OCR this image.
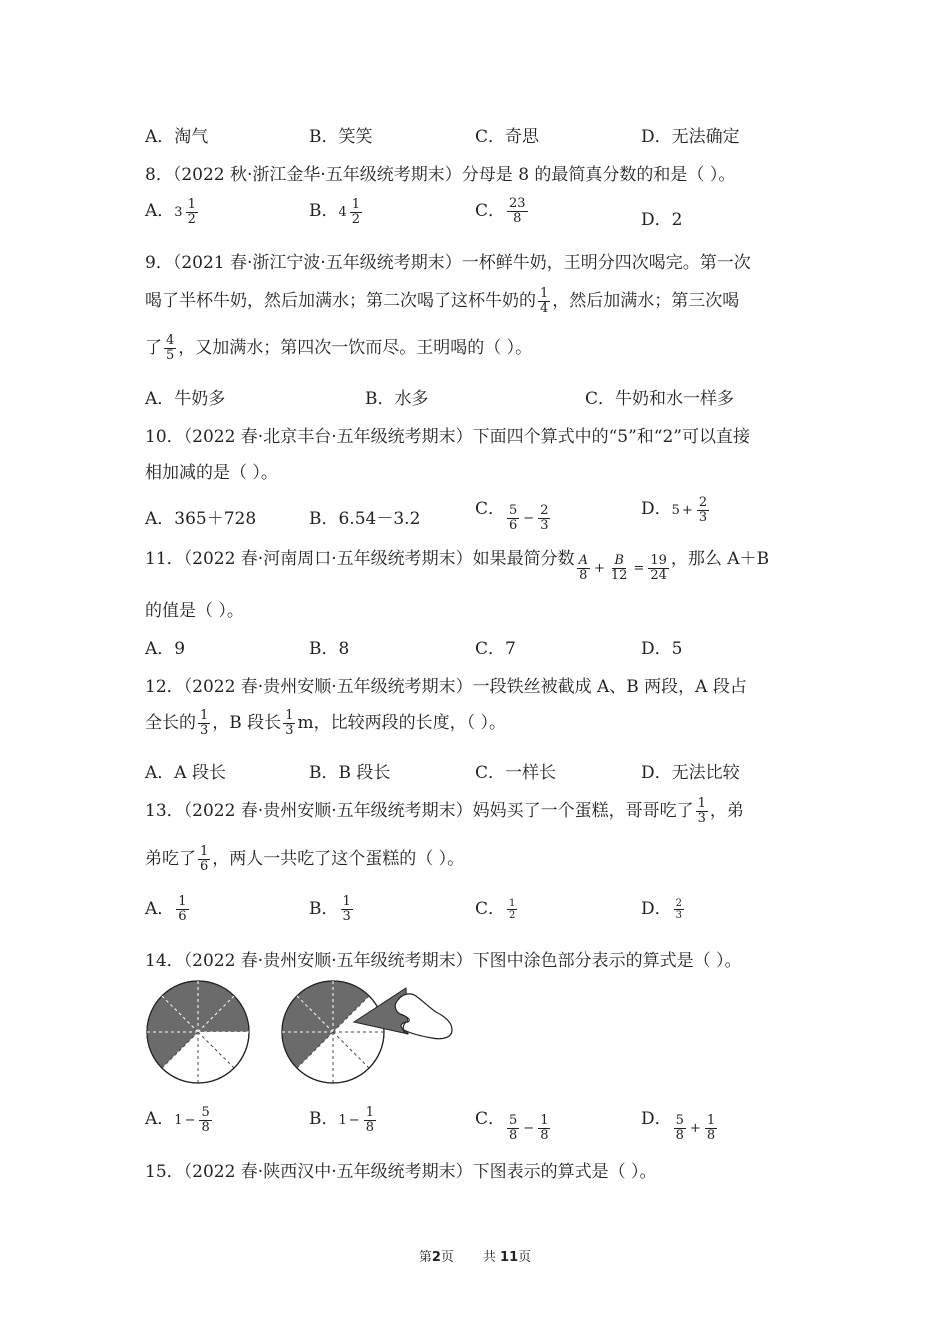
A．淘气	B．笑笑	C．奇思	D．无法确定
8．（2022 秋·浙江金华·五年级统考期末）分母是 8 的最简真分数的和是（ ）。
A． $3 \frac{1}{2}$	B． $4 \frac{1}{2}$	C． $\frac{23}{8}$	D．2
9．（2021 春·浙江宁波·五年级统考期末）一杯鲜牛奶，王明分四次喝完。第一次
喝了半杯牛奶，然后加满水；第二次喝了这杯牛奶的 $\frac{1}{4}$ ，然后加满水；第三次喝
了 $\frac{4}{5}$ ，又加满水；第四次一饮而尽。王明喝的（ ）。
A．牛奶多	B．水多	C．牛奶和水一样多
10．（2022 春·北京丰台·五年级统考期末）下面四个算式中的“5”和“2”可以直接
相加减的是（ ）。
A．365＋728	B．6.54－3.2	C． $\frac{5}{6} - \frac{2}{3}$	D． $5 + \frac{2}{3}$
11．（2022 春·河南周口·五年级统考期末）如果最简分数 $\frac{A}{8} + \frac{B}{12} = \frac{19}{24}$ ，那么 A＋B
的值是（ ）。
A．9	B．8	C．7	D．5
12．（2022 春·贵州安顺·五年级统考期末）一段铁丝被截成 A、B 两段，A 段占
全长的 $\frac{1}{3}$ ，B 段长 $\frac{1}{3}$ m，比较两段的长度，（ ）。
A．A 段长	B．B 段长	C．一样长	D．无法比较
13．（2022 春·贵州安顺·五年级统考期末）妈妈买了一个蛋糕，哥哥吃了 $\frac{1}{3}$ ，弟
弟吃了 $\frac{1}{6}$ ，两人一共吃了这个蛋糕的（ ）。
A． $\frac{1}{6}$	B． $\frac{1}{3}$	C． $\frac{1}{2}$	D． $\frac{2}{3}$
14．（2022 春·贵州安顺·五年级统考期末）下图中涂色部分表示的算式是（ ）。
A． $1 - \frac{5}{8}$	B． $1 - \frac{1}{8}$	C． $\frac{5}{8} - \frac{1}{8}$	D． $\frac{5}{8} + \frac{1}{8}$
15．（2022 春·陕西汉中·五年级统考期末）下图表示的算式是（ ）。
第2页 共 11页
